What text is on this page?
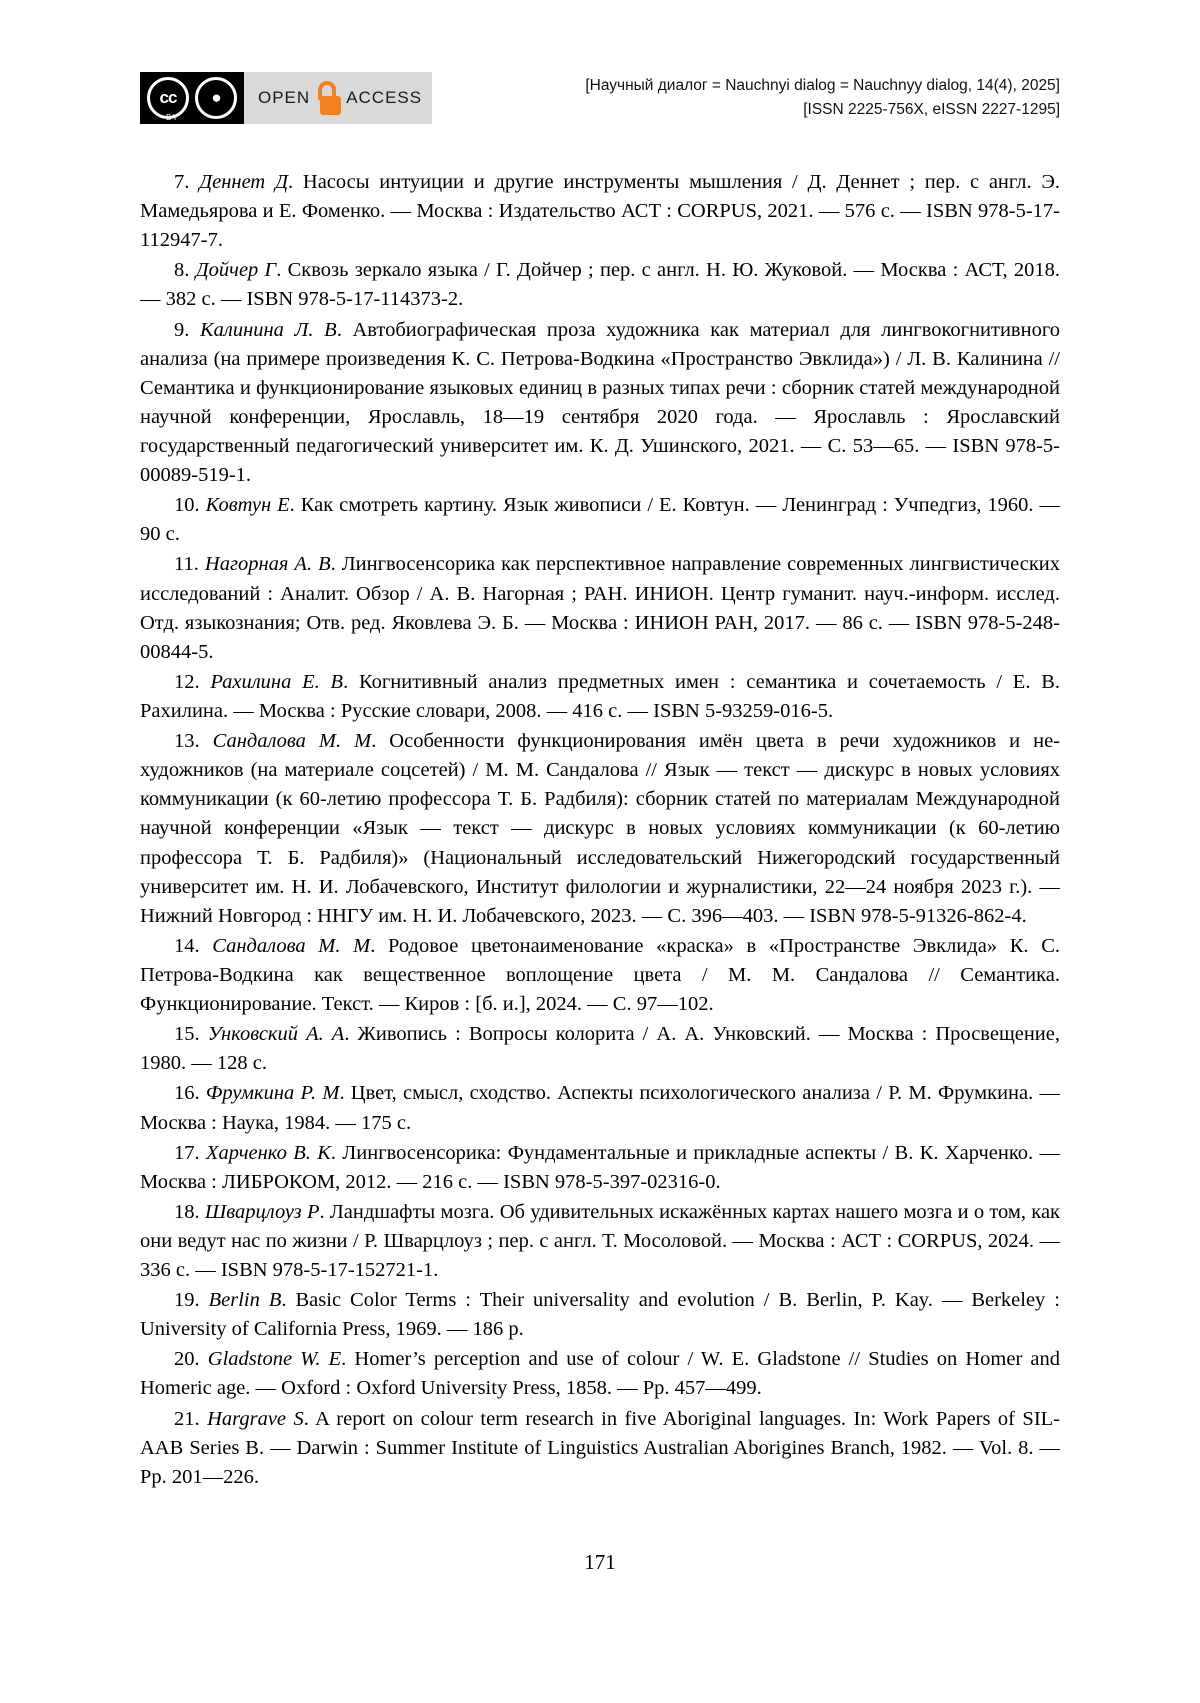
cc	●
BY
OPEN ACCESS
[Научный диалог = Nauchnyi dialog = Nauchnyy dialog, 14(4), 2025]
[ISSN 2225-756X, eISSN 2227-1295]

7. Деннет Д. Насосы интуиции и другие инструменты мышления / Д. Деннет ; пер. с англ. Э. Мамедьярова и Е. Фоменко. — Москва : Издательство АСТ : CORPUS, 2021. — 576 с. — ISBN 978-5-17-112947-7.

8. Дойчер Г. Сквозь зеркало языка / Г. Дойчер ; пер. с англ. Н. Ю. Жуковой. — Москва : АСТ, 2018. — 382 с. — ISBN 978-5-17-114373-2.

9. Калинина Л. В. Автобиографическая проза художника как материал для лингвокогнитивного анализа (на примере произведения К. С. Петрова-Водкина «Пространство Эвклида») / Л. В. Калинина // Семантика и функционирование языковых единиц в разных типах речи : сборник статей международной научной конференции, Ярославль, 18—19 сентября 2020 года. — Ярославль : Ярославский государственный педагогический университет им. К. Д. Ушинского, 2021. — С. 53—65. — ISBN 978-5-00089-519-1.

10. Ковтун Е. Как смотреть картину. Язык живописи / Е. Ковтун. — Ленинград : Учпедгиз, 1960. — 90 с.

11. Нагорная А. В. Лингвосенсорика как перспективное направление современных лингвистических исследований : Аналит. Обзор / А. В. Нагорная ; РАН. ИНИОН. Центр гуманит. науч.-информ. исслед. Отд. языкознания; Отв. ред. Яковлева Э. Б. — Москва : ИНИОН РАН, 2017. — 86 с. — ISBN 978-5-248-00844-5.

12. Рахилина Е. В. Когнитивный анализ предметных имен : семантика и сочетаемость / Е. В. Рахилина. — Москва : Русские словари, 2008. — 416 с. — ISBN 5-93259-016-5.

13. Сандалова М. М. Особенности функционирования имён цвета в речи художников и не-художников (на материале соцсетей) / М. М. Сандалова // Язык — текст — дискурс в новых условиях коммуникации (к 60-летию профессора Т. Б. Радбиля): сборник статей по материалам Международной научной конференции «Язык — текст — дискурс в новых условиях коммуникации (к 60-летию профессора Т. Б. Радбиля)» (Национальный исследовательский Нижегородский государственный университет им. Н. И. Лобачевского, Институт филологии и журналистики, 22—24 ноября 2023 г.). — Нижний Новгород : ННГУ им. Н. И. Лобачевского, 2023. — С. 396—403. — ISBN 978-5-91326-862-4.

14. Сандалова М. М. Родовое цветонаименование «краска» в «Пространстве Эвклида» К. С. Петрова-Водкина как вещественное воплощение цвета / М. М. Сандалова // Семантика. Функционирование. Текст. — Киров : [б. и.], 2024. — С. 97—102.

15. Унковский А. А. Живопись : Вопросы колорита / А. А. Унковский. — Москва : Просвещение, 1980. — 128 с.

16. Фрумкина Р. М. Цвет, смысл, сходство. Аспекты психологического анализа / Р. М. Фрумкина. — Москва : Наука, 1984. — 175 с.

17. Харченко В. К. Лингвосенсорика: Фундаментальные и прикладные аспекты / В. К. Харченко. — Москва : ЛИБРОКОМ, 2012. — 216 с. — ISBN 978-5-397-02316-0.

18. Шварцлоуз Р. Ландшафты мозга. Об удивительных искажённых картах нашего мозга и о том, как они ведут нас по жизни / Р. Шварцлоуз ; пер. с англ. Т. Мосоловой. — Москва : АСТ : CORPUS, 2024. — 336 с. — ISBN 978-5-17-152721-1.

19. Berlin B. Basic Color Terms : Their universality and evolution / B. Berlin, P. Kay. — Berkeley : University of California Press, 1969. — 186 p.

20. Gladstone W. E. Homer’s perception and use of colour / W. E. Gladstone // Studies on Homer and Homeric age. — Oxford : Oxford University Press, 1858. — Pp. 457—499.

21. Hargrave S. A report on colour term research in five Aboriginal languages. In: Work Papers of SIL-AAB Series B. — Darwin : Summer Institute of Linguistics Australian Aborigines Branch, 1982. — Vol. 8. — Pp. 201—226.

171
